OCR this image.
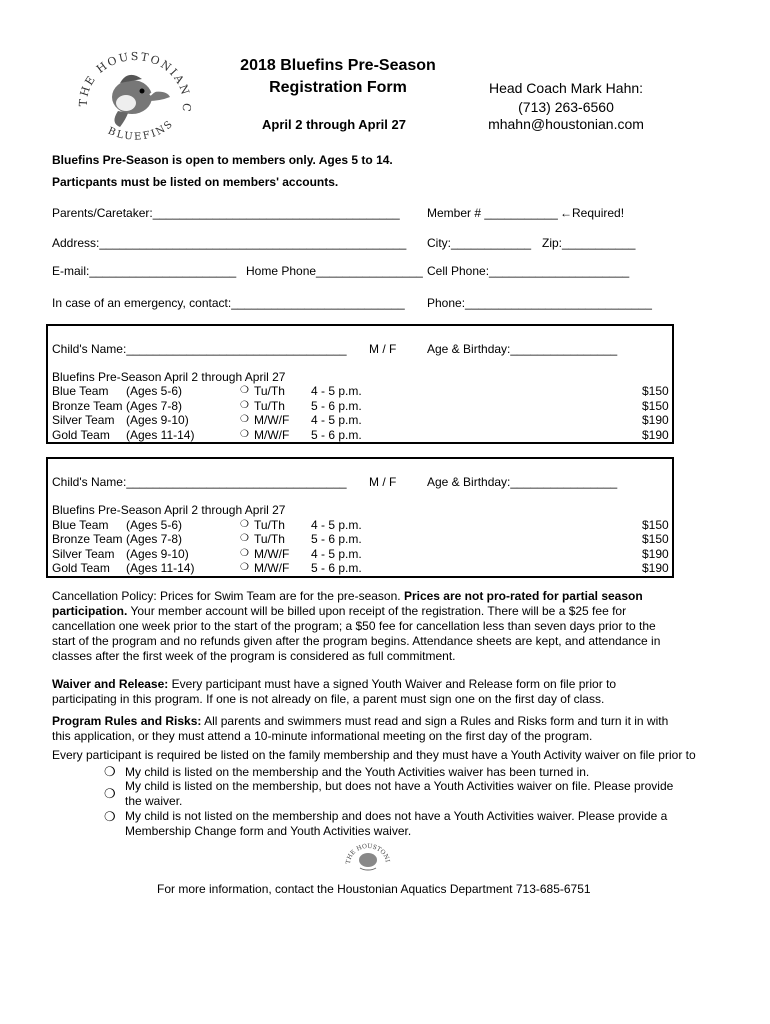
THE HOUSTONIAN C
BLUEFINS
2018 Bluefins Pre-Season
Registration Form
April 2 through April 27
Head Coach Mark Hahn:
(713) 263-6560
mhahn@houstonian.com
Bluefins Pre-Season is open to members only. Ages 5 to 14.
Particpants must be listed on members' accounts.
Parents/Caretaker:_____________________________________ Member # ___________ ←Required!
Address:______________________________________________ City:____________ Zip:___________
E-mail:______________________ Home Phone________________ Cell Phone:_____________________
In case of an emergency, contact:__________________________ Phone:____________________________
Child's Name:_________________________________ M / F	Age & Birthday:________________
Bluefins Pre-Season April 2 through April 27
Blue Team (Ages 5-6)	❍ Tu/Th 4 - 5 p.m.	$150
Bronze Team (Ages 7-8)	❍ Tu/Th 5 - 6 p.m.	$150
Silver Team (Ages 9-10)	❍ M/W/F 4 - 5 p.m.	$190
Gold Team (Ages 11-14)	❍ M/W/F 5 - 6 p.m.	$190
Child's Name:_________________________________ M / F	Age & Birthday:________________
Bluefins Pre-Season April 2 through April 27
Blue Team (Ages 5-6)	❍ Tu/Th 4 - 5 p.m.	$150
Bronze Team (Ages 7-8)	❍ Tu/Th 5 - 6 p.m.	$150
Silver Team (Ages 9-10)	❍ M/W/F 4 - 5 p.m.	$190
Gold Team (Ages 11-14)	❍ M/W/F 5 - 6 p.m.	$190
Cancellation Policy: Prices for Swim Team are for the pre-season. Prices are not pro-rated for partial season participation. Your member account will be billed upon receipt of the registration. There will be a $25 fee for cancellation one week prior to the start of the program; a $50 fee for cancellation less than seven days prior to the start of the program and no refunds given after the program begins. Attendance sheets are kept, and attendance in classes after the first week of the program is considered as full commitment.
Waiver and Release: Every participant must have a signed Youth Waiver and Release form on file prior to participating in this program. If one is not already on file, a parent must sign one on the first day of class.
Program Rules and Risks: All parents and swimmers must read and sign a Rules and Risks form and turn it in with this application, or they must attend a 10-minute informational meeting on the first day of the program.
Every participant is required be listed on the family membership and they must have a Youth Activity waiver on file prior to
❍ My child is listed on the membership and the Youth Activities waiver has been turned in.
❍ My child is listed on the membership, but does not have a Youth Activities waiver on file. Please provide
the waiver.
❍ My child is not listed on the membership and does not have a Youth Activities waiver. Please provide a
Membership Change form and Youth Activities waiver.
THE HOUSTONI
For more information, contact the Houstonian Aquatics Department 713-685-6751
